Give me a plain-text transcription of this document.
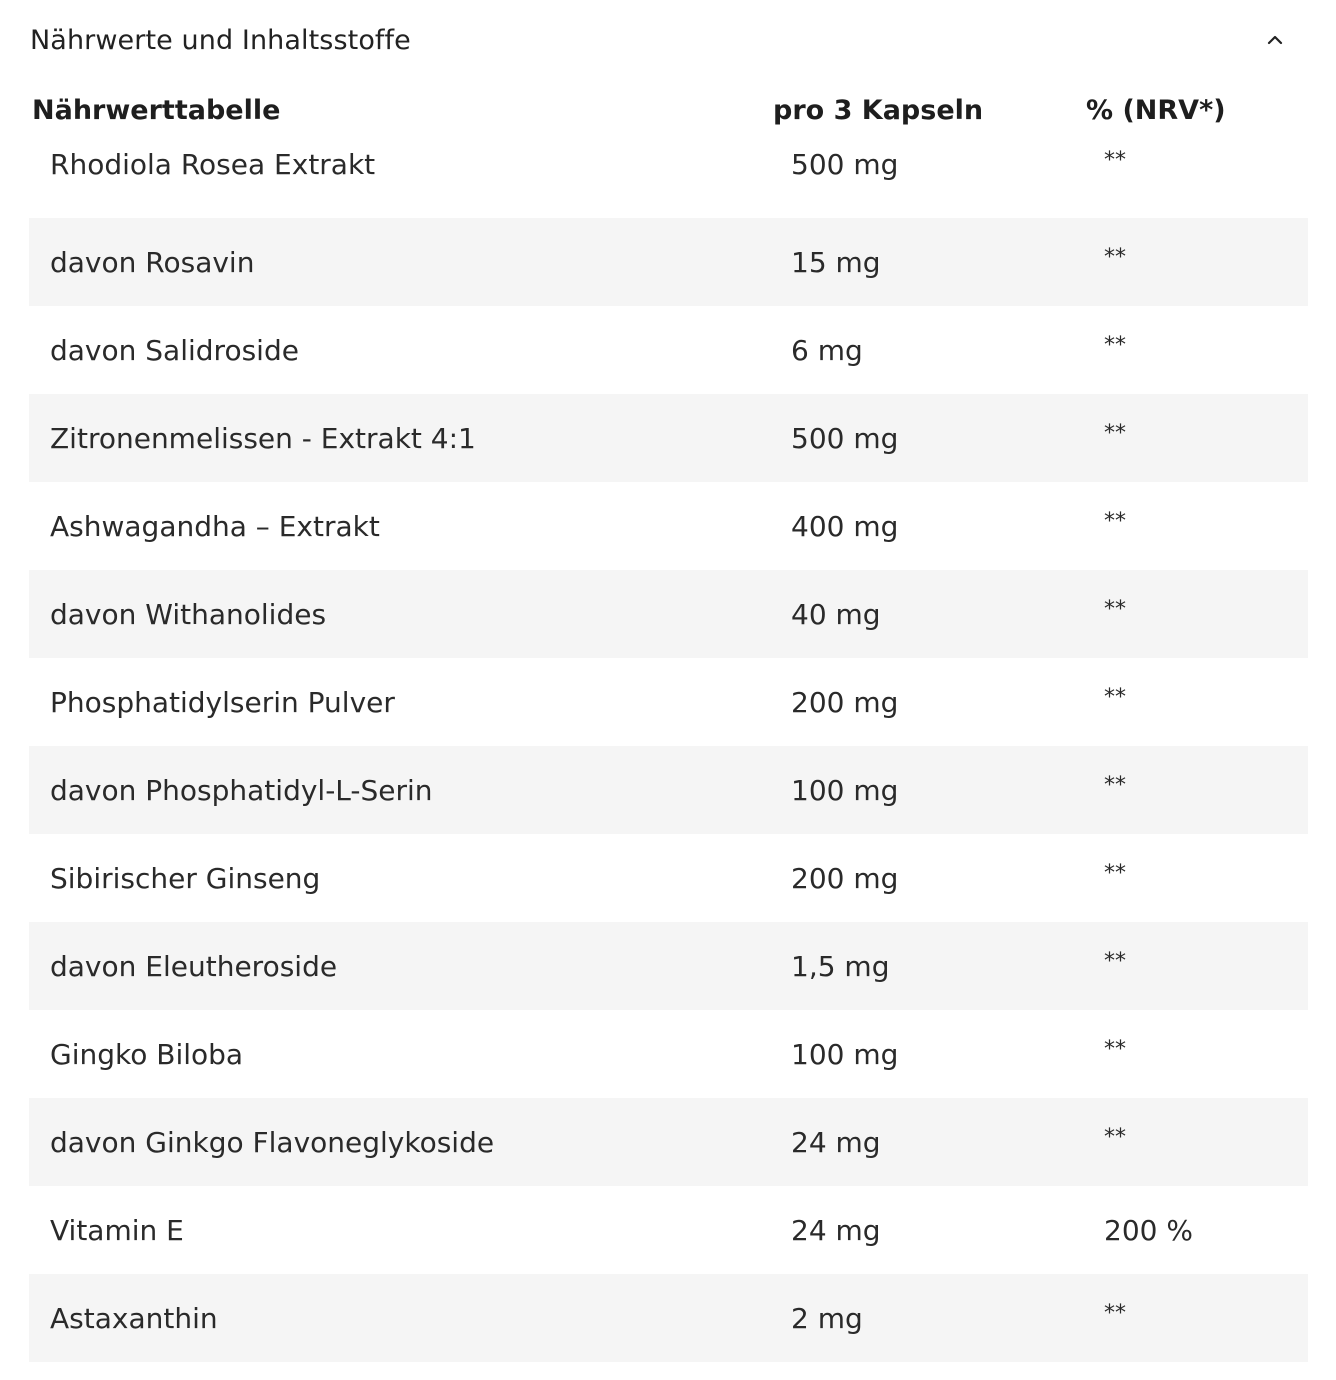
Nährwerte und Inhaltsstoffe
Nährwerttabelle	pro 3 Kapseln	% (NRV*)
Rhodiola Rosea Extrakt	500 mg	**
davon Rosavin	15 mg	**
davon Salidroside	6 mg	**
Zitronenmelissen - Extrakt 4:1	500 mg	**
Ashwagandha – Extrakt	400 mg	**
davon Withanolides	40 mg	**
Phosphatidylserin Pulver	200 mg	**
davon Phosphatidyl-L-Serin	100 mg	**
Sibirischer Ginseng	200 mg	**
davon Eleutheroside	1,5 mg	**
Gingko Biloba	100 mg	**
davon Ginkgo Flavoneglykoside	24 mg	**
Vitamin E	24 mg	200 %
Astaxanthin	2 mg	**
